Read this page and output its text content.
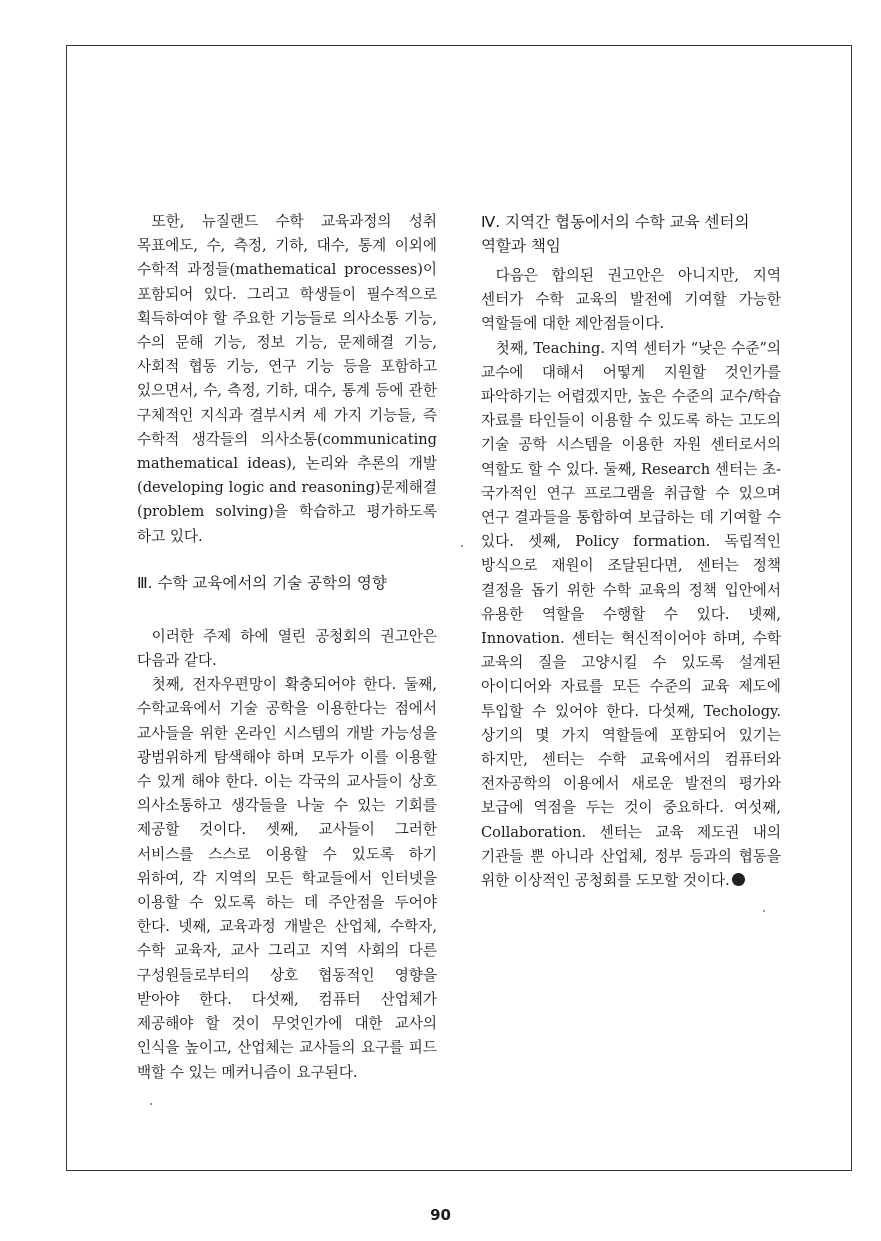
또한, 뉴질랜드 수학 교육과정의 성취 목표에도, 수, 측정, 기하, 대수, 통계 이외에 수학적 과정들(mathematical processes)이 포함되어 있다. 그리고 학생들이 필수적으로 획득하여야 할 주요한 기능들로 의사소통 기능, 수의 문해 기능, 정보 기능, 문제해결 기능, 사회적 협동 기능, 연구 기능 등을 포함하고 있으면서, 수, 측정, 기하, 대수, 통계 등에 관한 구체적인 지식과 결부시켜 세 가지 기능들, 즉 수학적 생각들의 의사소통(communicating mathematical ideas), 논리와 추론의 개발(developing logic and reasoning)문제해결(problem solving)을 학습하고 평가하도록 하고 있다.

Ⅲ. 수학 교육에서의 기술 공학의 영향

이러한 주제 하에 열린 공청회의 권고안은 다음과 같다.

첫째, 전자우편망이 확충되어야 한다. 둘째, 수학교육에서 기술 공학을 이용한다는 점에서 교사들을 위한 온라인 시스템의 개발 가능성을 광범위하게 탐색해야 하며 모두가 이를 이용할 수 있게 해야 한다. 이는 각국의 교사들이 상호 의사소통하고 생각들을 나눌 수 있는 기회를 제공할 것이다. 셋째, 교사들이 그러한 서비스를 스스로 이용할 수 있도록 하기 위하여, 각 지역의 모든 학교들에서 인터넷을 이용할 수 있도록 하는 데 주안점을 두어야 한다. 넷째, 교육과정 개발은 산업체, 수학자, 수학 교육자, 교사 그리고 지역 사회의 다른 구성원들로부터의 상호 협동적인 영향을 받아야 한다. 다섯째, 컴퓨터 산업체가 제공해야 할 것이 무엇인가에 대한 교사의 인식을 높이고, 산업체는 교사들의 요구를 피드 백할 수 있는 메커니즘이 요구된다.

Ⅳ. 지역간 협동에서의 수학 교육 센터의 역할과 책임

다음은 합의된 권고안은 아니지만, 지역 센터가 수학 교육의 발전에 기여할 가능한 역할들에 대한 제안점들이다.

첫째, Teaching. 지역 센터가 “낮은 수준”의 교수에 대해서 어떻게 지원할 것인가를 파악하기는 어렵겠지만, 높은 수준의 교수/학습 자료를 타인들이 이용할 수 있도록 하는 고도의 기술 공학 시스템을 이용한 자원 센터로서의 역할도 할 수 있다. 둘째, Research 센터는 초-국가적인 연구 프로그램을 취급할 수 있으며 연구 결과들을 통합하여 보급하는 데 기여할 수 있다. 셋째, Policy formation. 독립적인 방식으로 재원이 조달된다면, 센터는 정책 결정을 돕기 위한 수학 교육의 정책 입안에서 유용한 역할을 수행할 수 있다. 넷째, Innovation. 센터는 혁신적이어야 하며, 수학 교육의 질을 고양시킬 수 있도록 설계된 아이디어와 자료를 모든 수준의 교육 제도에 투입할 수 있어야 한다. 다섯째, Techology. 상기의 몇 가지 역할들에 포함되어 있기는 하지만, 센터는 수학 교육에서의 컴퓨터와 전자공학의 이용에서 새로운 발전의 평가와 보급에 역점을 두는 것이 중요하다. 여섯째, Collaboration. 센터는 교육 제도권 내의 기관들 뿐 아니라 산업체, 정부 등과의 협동을 위한 이상적인 공청회를 도모할 것이다.

90
